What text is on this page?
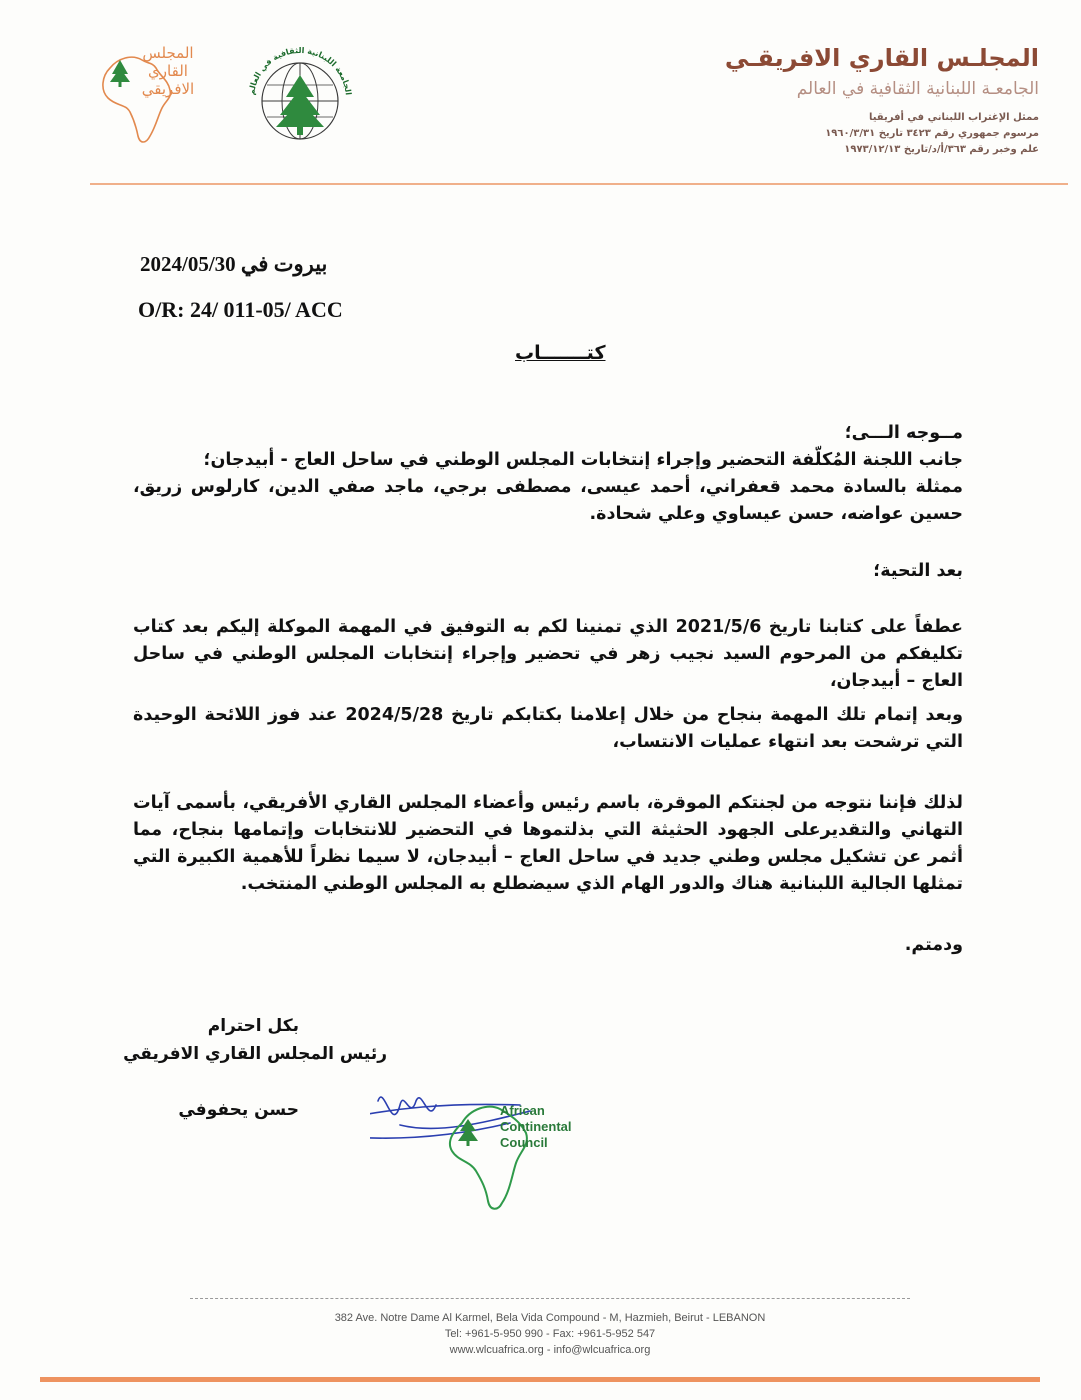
المجلـس القاري الافريقـي
الجامعـة اللبنانية الثقافية في العالم
ممثل الإغتراب اللبناني في أفريقيا
مرسوم جمهوري رقم ٣٤٢٣ تاريخ ١٩٦٠/٣/٣١
علم وخبر رقم ٣٦٣/أ/د/تاريخ ١٩٧٣/١٢/١٣
المجلس
القاري
الافريقي	الجامعة اللبنانية الثقافية في العالم
2024/05/30 بيروت في
O/R: 24/ 011-05/ ACC
كتـــــــاب
مــوجه الـــى؛
جانب اللجنة المُكلّفة التحضير وإجراء إنتخابات المجلس الوطني في ساحل العاج - أبيدجان؛
ممثلة بالسادة محمد قعفراني، أحمد عيسى، مصطفى برجي، ماجد صفي الدين، كارلوس زريق، حسين عواضه، حسن عيساوي وعلي شحادة.
بعد التحية؛
عطفاً على كتابنا تاريخ 2021/5/6 الذي تمنينا لكم به التوفيق في المهمة الموكلة إليكم بعد كتاب تكليفكم من المرحوم السيد نجيب زهر في تحضير وإجراء إنتخابات المجلس الوطني في ساحل العاج – أبيدجان،
وبعد إتمام تلك المهمة بنجاح من خلال إعلامنا بكتابكم تاريخ 2024/5/28 عند فوز اللائحة الوحيدة التي ترشحت بعد انتهاء عمليات الانتساب،
لذلك فإننا نتوجه من لجنتكم الموقرة، باسم رئيس وأعضاء المجلس القاري الأفريقي، بأسمى آيات التهاني والتقديرعلى الجهود الحثيثة التي بذلتموها في التحضير للانتخابات وإتمامها بنجاح، مما أثمر عن تشكيل مجلس وطني جديد في ساحل العاج – أبيدجان، لا سيما نظراً للأهمية الكبيرة التي تمثلها الجالية اللبنانية هناك والدور الهام الذي سيضطلع به المجلس الوطني المنتخب.
ودمتم.
بكل احترام
رئيس المجلس القاري الافريقي
حسن يحفوفي	African
Continental
Council
382 Ave. Notre Dame Al Karmel, Bela Vida Compound - M, Hazmieh, Beirut - LEBANON
Tel: +961-5-950 990 - Fax: +961-5-952 547
www.wlcuafrica.org - info@wlcuafrica.org
